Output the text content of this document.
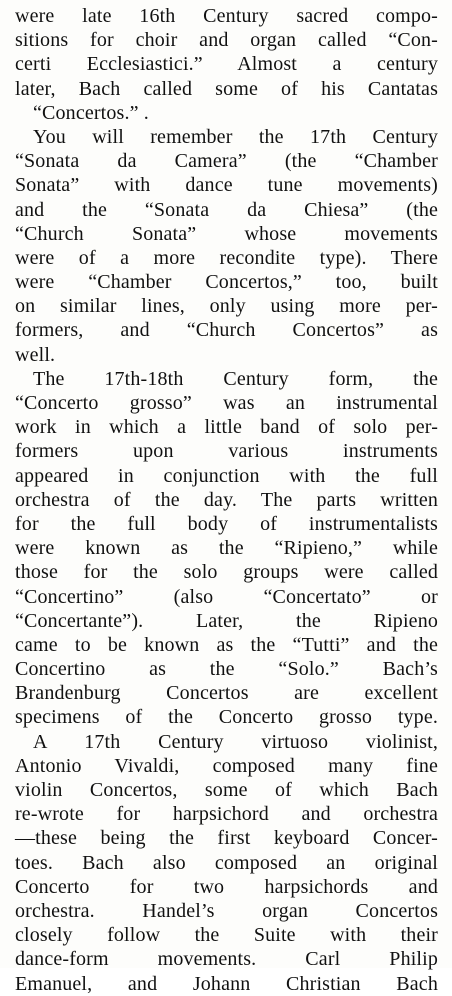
were late 16th Century sacred compo-
sitions for choir and organ called “Con-
certi Ecclesiastici.” Almost a century
later, Bach called some of his Cantatas
“Concertos.” .
You will remember the 17th Century
“Sonata da Camera” (the “Chamber
Sonata” with dance tune movements)
and the “Sonata da Chiesa” (the
“Church Sonata” whose movements
were of a more recondite type). There
were “Chamber Concertos,” too, built
on similar lines, only using more per-
formers, and “Church Concertos” as
well.
The 17th-18th Century form, the
“Concerto grosso” was an instrumental
work in which a little band of solo per-
formers upon various instruments
appeared in conjunction with the full
orchestra of the day. The parts written
for the full body of instrumentalists
were known as the “Ripieno,” while
those for the solo groups were called
“Concertino” (also “Concertato” or
“Concertante”). Later, the Ripieno
came to be known as the “Tutti” and the
Concertino as the “Solo.” Bach’s
Brandenburg Concertos are excellent
specimens of the Concerto grosso type.
A 17th Century virtuoso violinist,
Antonio Vivaldi, composed many fine
violin Concertos, some of which Bach
re-wrote for harpsichord and orchestra
—these being the first keyboard Concer-
toes. Bach also composed an original
Concerto for two harpsichords and
orchestra. Handel’s organ Concertos
closely follow the Suite with their
dance-form movements. Carl Philip
Emanuel, and Johann Christian Bach
